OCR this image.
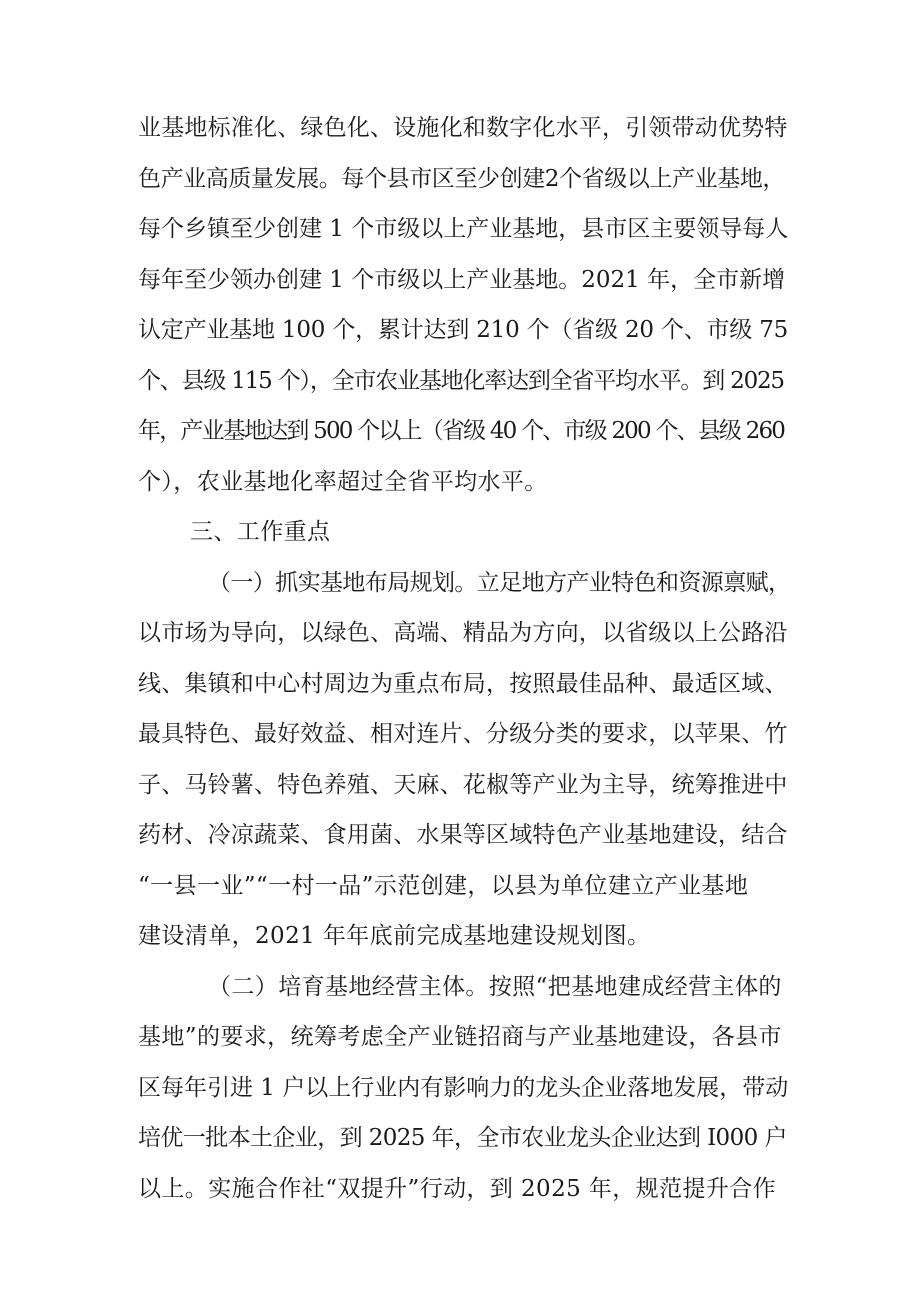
业基地标准化、绿色化、设施化和数字化水平，引领带动优势特
色产业高质量发展。每个县市区至少创建2个省级以上产业基地，
每个乡镇至少创建 1 个市级以上产业基地，县市区主要领导每人
每年至少领办创建 1 个市级以上产业基地。2021 年，全市新增
认定产业基地 100 个，累计达到 210 个（省级 20 个、市级 75
个、县级 115 个），全市农业基地化率达到全省平均水平。到 2025
年，产业基地达到 500 个以上（省级 40 个、市级 200 个、县级 260
个），农业基地化率超过全省平均水平。
三、工作重点
（一）抓实基地布局规划。立足地方产业特色和资源禀赋，
以市场为导向，以绿色、高端、精品为方向，以省级以上公路沿
线、集镇和中心村周边为重点布局，按照最佳品种、最适区域、
最具特色、最好效益、相对连片、分级分类的要求，以苹果、竹
子、马铃薯、特色养殖、天麻、花椒等产业为主导，统筹推进中
药材、冷凉蔬菜、食用菌、水果等区域特色产业基地建设，结合
“一县一业”“一村一品”示范创建，以县为单位建立产业基地
建设清单，2021 年年底前完成基地建设规划图。
（二）培育基地经营主体。按照“把基地建成经营主体的
基地”的要求，统筹考虑全产业链招商与产业基地建设，各县市
区每年引进 1 户以上行业内有影响力的龙头企业落地发展，带动
培优一批本土企业，到 2025 年，全市农业龙头企业达到 I000 户
以上。实施合作社“双提升”行动，到 2025 年，规范提升合作
